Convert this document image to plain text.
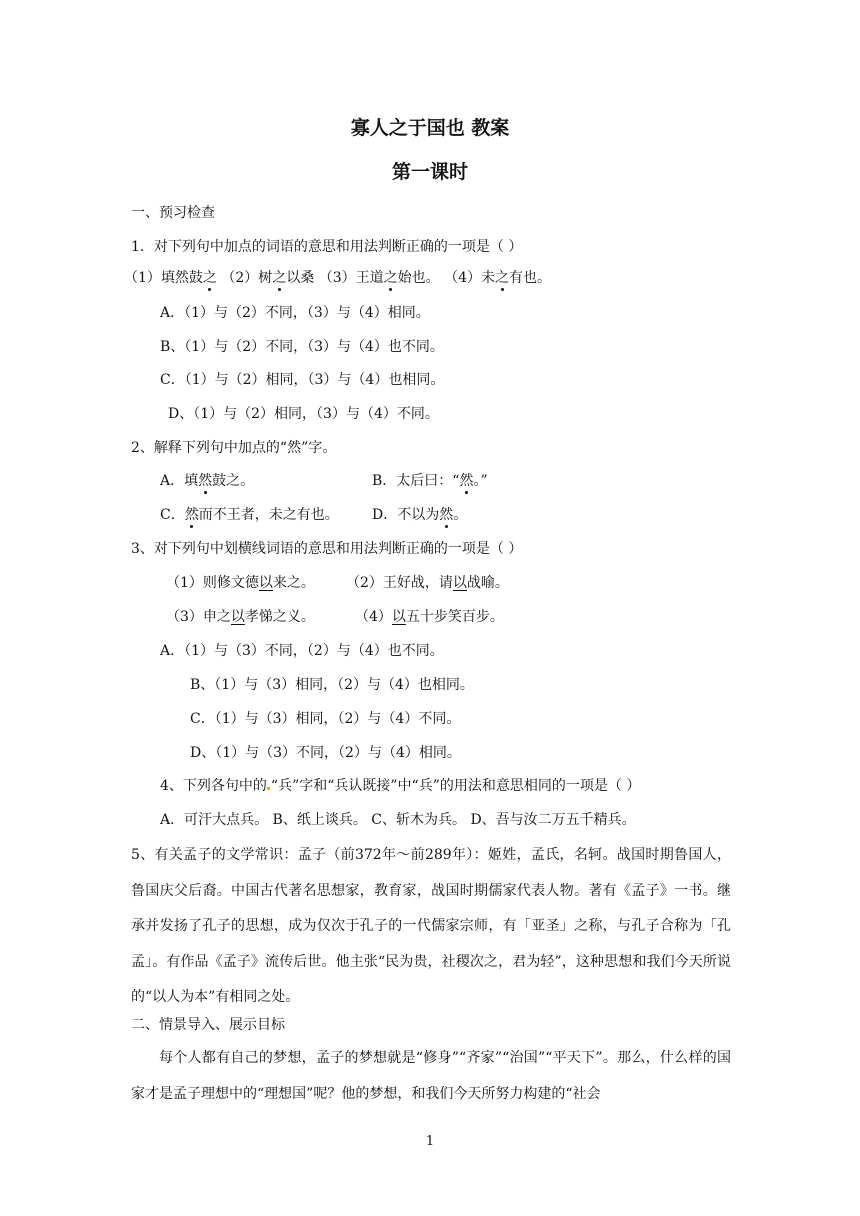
寡人之于国也 教案
第一课时
一、预习检查
1．对下列句中加点的词语的意思和用法判断正确的一项是（ ）
（1）填然鼓之 （2）树之以桑 （3）王道之始也。 （4）未之有也。
A．（1）与（2）不同，（3）与（4）相同。
B、（1）与（2）不同，（3）与（4）也不同。
C．（1）与（2）相同，（3）与（4）也相同。
D、（1）与（2）相同，（3）与（4）不同。
2、解释下列句中加点的“然”字。
A．填然鼓之。	B．太后曰：“然。”
C．然而不王者，未之有也。 D．不以为然。
3、对下列句中划横线词语的意思和用法判断正确的一项是（ ）
（1）则修文德以来之。 （2）王好战，请以战喻。
（3）申之以孝悌之义。	（4）以五十步笑百步。
A．（1）与（3）不同，（2）与（4）也不同。
B、（1）与（3）相同，（2）与（4）也相同。
C．（1）与（3）相同，（2）与（4）不同。
D、（1）与（3）不同，（2）与（4）相同。
4、下列各句中的 “兵”字和“兵认既接”中“兵”的用法和意思相同的一项是（ ）
A．可汗大点兵。 B、纸上谈兵。 C、斩木为兵。 D、吾与汝二万五千精兵。
5、有关孟子的文学常识：孟子（前372年～前289年）：姬姓，孟氏，名轲。战国时期鲁国人，鲁国庆父后裔。中国古代著名思想家，教育家，战国时期儒家代表人物。著有《孟子》一书。继承并发扬了孔子的思想，成为仅次于孔子的一代儒家宗师，有「亚圣」之称，与孔子合称为「孔孟」。有作品《孟子》流传后世。他主张“民为贵，社稷次之，君为轻”，这种思想和我们今天所说的“以人为本”有相同之处。
二、情景导入、展示目标
每个人都有自己的梦想，孟子的梦想就是“修身”“齐家”“治国”“平天下”。那么，什么样的国家才是孟子理想中的“理想国”呢？他的梦想，和我们今天所努力构建的“社会
1
